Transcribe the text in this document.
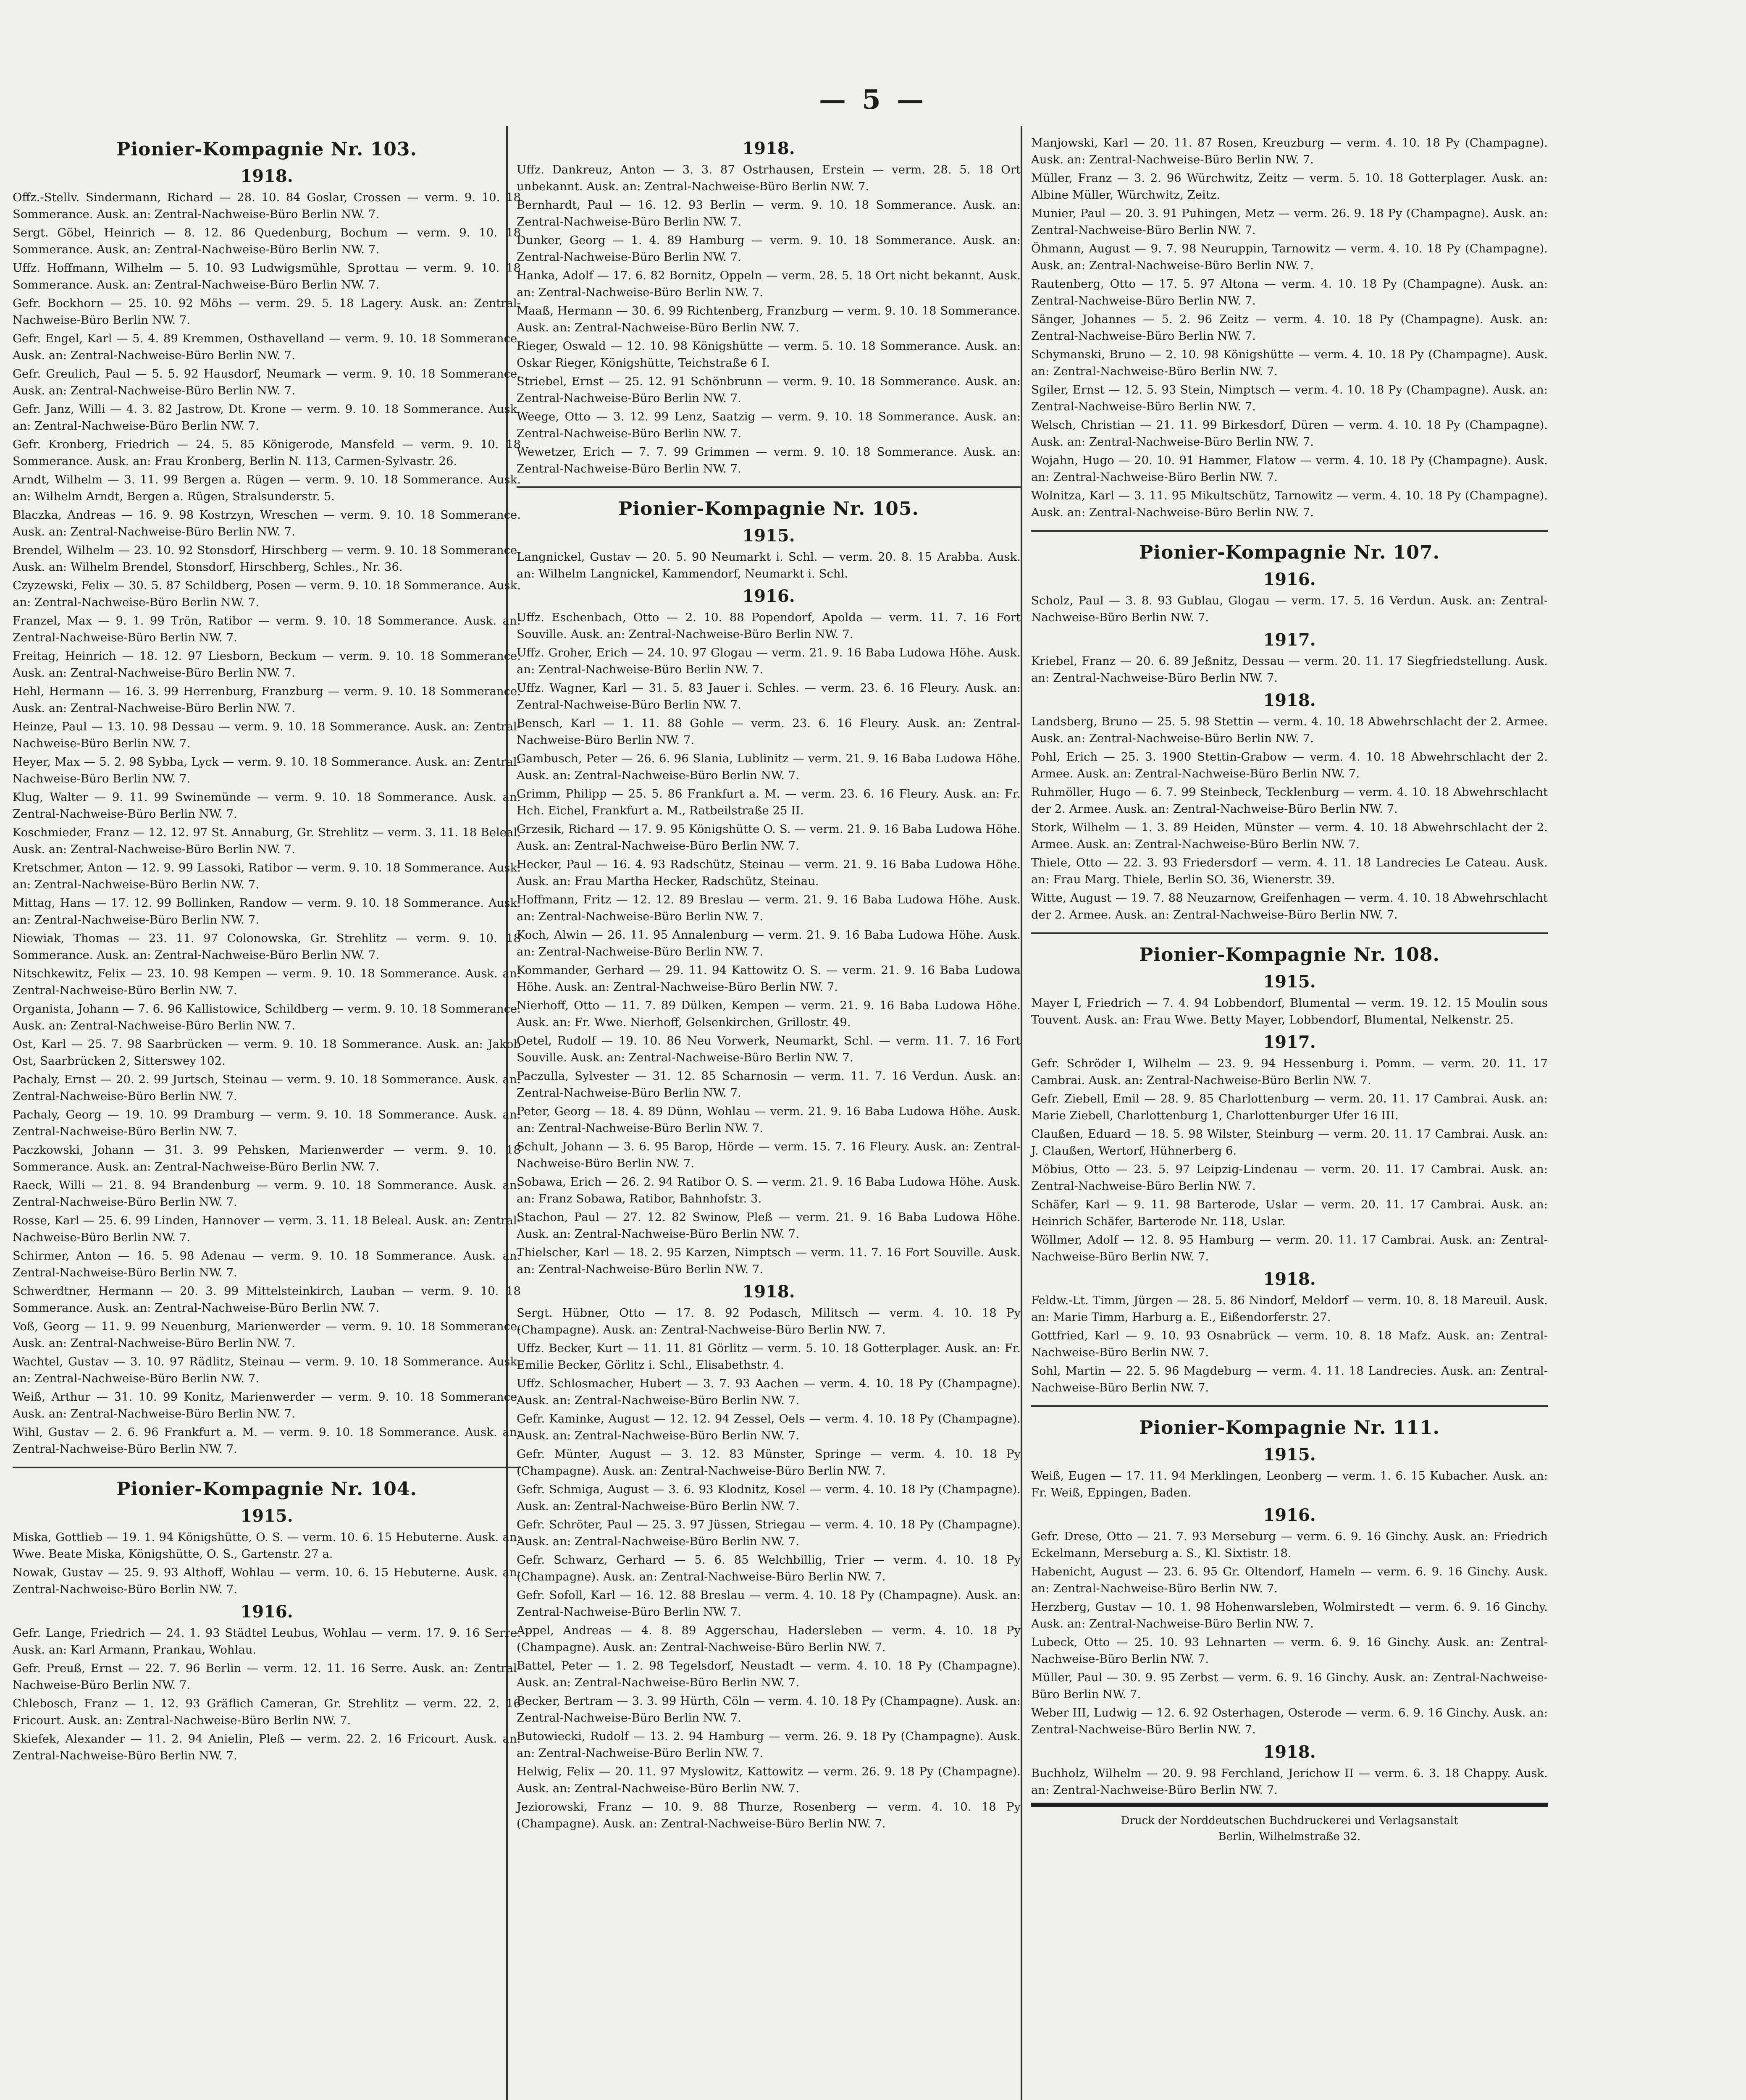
— 5 —
Pionier-Kompagnie Nr. 103.
1918.
Offz.-Stellv. Sindermann, Richard — 28. 10. 84 Goslar, Crossen — verm. 9. 10. 18 Sommerance. Ausk. an: Zentral-Nachweise-Büro Berlin NW. 7.
Sergt. Göbel, Heinrich — 8. 12. 86 Quedenburg, Bochum — verm. 9. 10. 18 Sommerance. Ausk. an: Zentral-Nachweise-Büro Berlin NW. 7.
Uffz. Hoffmann, Wilhelm — 5. 10. 93 Ludwigsmühle, Sprottau — verm. 9. 10. 18 Sommerance. Ausk. an: Zentral-Nachweise-Büro Berlin NW. 7.
Gefr. Bockhorn — 25. 10. 92 Möhs — verm. 29. 5. 18 Lagery. Ausk. an: Zentral-Nachweise-Büro Berlin NW. 7.
Gefr. Engel, Karl — 5. 4. 89 Kremmen, Osthavelland — verm. 9. 10. 18 Sommerance. Ausk. an: Zentral-Nachweise-Büro Berlin NW. 7.
Gefr. Greulich, Paul — 5. 5. 92 Hausdorf, Neumark — verm. 9. 10. 18 Sommerance. Ausk. an: Zentral-Nachweise-Büro Berlin NW. 7.
Gefr. Janz, Willi — 4. 3. 82 Jastrow, Dt. Krone — verm. 9. 10. 18 Sommerance. Ausk. an: Zentral-Nachweise-Büro Berlin NW. 7.
Gefr. Kronberg, Friedrich — 24. 5. 85 Königerode, Mansfeld — verm. 9. 10. 18 Sommerance. Ausk. an: Frau Kronberg, Berlin N. 113, Carmen-Sylvastr. 26.
Arndt, Wilhelm — 3. 11. 99 Bergen a. Rügen — verm. 9. 10. 18 Sommerance. Ausk. an: Wilhelm Arndt, Bergen a. Rügen, Stralsunderstr. 5.
Blaczka, Andreas — 16. 9. 98 Kostrzyn, Wreschen — verm. 9. 10. 18 Sommerance. Ausk. an: Zentral-Nachweise-Büro Berlin NW. 7.
Brendel, Wilhelm — 23. 10. 92 Stonsdorf, Hirschberg — verm. 9. 10. 18 Sommerance. Ausk. an: Wilhelm Brendel, Stonsdorf, Hirschberg, Schles., Nr. 36.
Czyzewski, Felix — 30. 5. 87 Schildberg, Posen — verm. 9. 10. 18 Sommerance. Ausk. an: Zentral-Nachweise-Büro Berlin NW. 7.
Franzel, Max — 9. 1. 99 Trön, Ratibor — verm. 9. 10. 18 Sommerance. Ausk. an: Zentral-Nachweise-Büro Berlin NW. 7.
Freitag, Heinrich — 18. 12. 97 Liesborn, Beckum — verm. 9. 10. 18 Sommerance. Ausk. an: Zentral-Nachweise-Büro Berlin NW. 7.
Hehl, Hermann — 16. 3. 99 Herrenburg, Franzburg — verm. 9. 10. 18 Sommerance. Ausk. an: Zentral-Nachweise-Büro Berlin NW. 7.
Heinze, Paul — 13. 10. 98 Dessau — verm. 9. 10. 18 Sommerance. Ausk. an: Zentral-Nachweise-Büro Berlin NW. 7.
Heyer, Max — 5. 2. 98 Sybba, Lyck — verm. 9. 10. 18 Sommerance. Ausk. an: Zentral-Nachweise-Büro Berlin NW. 7.
Klug, Walter — 9. 11. 99 Swinemünde — verm. 9. 10. 18 Sommerance. Ausk. an: Zentral-Nachweise-Büro Berlin NW. 7.
Koschmieder, Franz — 12. 12. 97 St. Annaburg, Gr. Strehlitz — verm. 3. 11. 18 Beleal. Ausk. an: Zentral-Nachweise-Büro Berlin NW. 7.
Kretschmer, Anton — 12. 9. 99 Lassoki, Ratibor — verm. 9. 10. 18 Sommerance. Ausk. an: Zentral-Nachweise-Büro Berlin NW. 7.
Mittag, Hans — 17. 12. 99 Bollinken, Randow — verm. 9. 10. 18 Sommerance. Ausk. an: Zentral-Nachweise-Büro Berlin NW. 7.
Niewiak, Thomas — 23. 11. 97 Colonowska, Gr. Strehlitz — verm. 9. 10. 18 Sommerance. Ausk. an: Zentral-Nachweise-Büro Berlin NW. 7.
Nitschkewitz, Felix — 23. 10. 98 Kempen — verm. 9. 10. 18 Sommerance. Ausk. an: Zentral-Nachweise-Büro Berlin NW. 7.
Organista, Johann — 7. 6. 96 Kallistowice, Schildberg — verm. 9. 10. 18 Sommerance. Ausk. an: Zentral-Nachweise-Büro Berlin NW. 7.
Ost, Karl — 25. 7. 98 Saarbrücken — verm. 9. 10. 18 Sommerance. Ausk. an: Jakob Ost, Saarbrücken 2, Sitterswey 102.
Pachaly, Ernst — 20. 2. 99 Jurtsch, Steinau — verm. 9. 10. 18 Sommerance. Ausk. an: Zentral-Nachweise-Büro Berlin NW. 7.
Pachaly, Georg — 19. 10. 99 Dramburg — verm. 9. 10. 18 Sommerance. Ausk. an: Zentral-Nachweise-Büro Berlin NW. 7.
Paczkowski, Johann — 31. 3. 99 Pehsken, Marienwerder — verm. 9. 10. 18 Sommerance. Ausk. an: Zentral-Nachweise-Büro Berlin NW. 7.
Raeck, Willi — 21. 8. 94 Brandenburg — verm. 9. 10. 18 Sommerance. Ausk. an: Zentral-Nachweise-Büro Berlin NW. 7.
Rosse, Karl — 25. 6. 99 Linden, Hannover — verm. 3. 11. 18 Beleal. Ausk. an: Zentral-Nachweise-Büro Berlin NW. 7.
Schirmer, Anton — 16. 5. 98 Adenau — verm. 9. 10. 18 Sommerance. Ausk. an: Zentral-Nachweise-Büro Berlin NW. 7.
Schwerdtner, Hermann — 20. 3. 99 Mittelsteinkirch, Lauban — verm. 9. 10. 18 Sommerance. Ausk. an: Zentral-Nachweise-Büro Berlin NW. 7.
Voß, Georg — 11. 9. 99 Neuenburg, Marienwerder — verm. 9. 10. 18 Sommerance. Ausk. an: Zentral-Nachweise-Büro Berlin NW. 7.
Wachtel, Gustav — 3. 10. 97 Rädlitz, Steinau — verm. 9. 10. 18 Sommerance. Ausk. an: Zentral-Nachweise-Büro Berlin NW. 7.
Weiß, Arthur — 31. 10. 99 Konitz, Marienwerder — verm. 9. 10. 18 Sommerance. Ausk. an: Zentral-Nachweise-Büro Berlin NW. 7.
Wihl, Gustav — 2. 6. 96 Frankfurt a. M. — verm. 9. 10. 18 Sommerance. Ausk. an: Zentral-Nachweise-Büro Berlin NW. 7.
Pionier-Kompagnie Nr. 104.
1915.
Miska, Gottlieb — 19. 1. 94 Königshütte, O. S. — verm. 10. 6. 15 Hebuterne. Ausk. an: Wwe. Beate Miska, Königshütte, O. S., Gartenstr. 27 a.
Nowak, Gustav — 25. 9. 93 Althoff, Wohlau — verm. 10. 6. 15 Hebuterne. Ausk. an: Zentral-Nachweise-Büro Berlin NW. 7.
1916.
Gefr. Lange, Friedrich — 24. 1. 93 Städtel Leubus, Wohlau — verm. 17. 9. 16 Serre. Ausk. an: Karl Armann, Prankau, Wohlau.
Gefr. Preuß, Ernst — 22. 7. 96 Berlin — verm. 12. 11. 16 Serre. Ausk. an: Zentral-Nachweise-Büro Berlin NW. 7.
Chlebosch, Franz — 1. 12. 93 Gräflich Cameran, Gr. Strehlitz — verm. 22. 2. 16 Fricourt. Ausk. an: Zentral-Nachweise-Büro Berlin NW. 7.
Skiefek, Alexander — 11. 2. 94 Anielin, Pleß — verm. 22. 2. 16 Fricourt. Ausk. an: Zentral-Nachweise-Büro Berlin NW. 7.
1918.
Uffz. Dankreuz, Anton — 3. 3. 87 Ostrhausen, Erstein — verm. 28. 5. 18 Ort unbekannt. Ausk. an: Zentral-Nachweise-Büro Berlin NW. 7.
Bernhardt, Paul — 16. 12. 93 Berlin — verm. 9. 10. 18 Sommerance. Ausk. an: Zentral-Nachweise-Büro Berlin NW. 7.
Dunker, Georg — 1. 4. 89 Hamburg — verm. 9. 10. 18 Sommerance. Ausk. an: Zentral-Nachweise-Büro Berlin NW. 7.
Hanka, Adolf — 17. 6. 82 Bornitz, Oppeln — verm. 28. 5. 18 Ort nicht bekannt. Ausk. an: Zentral-Nachweise-Büro Berlin NW. 7.
Maaß, Hermann — 30. 6. 99 Richtenberg, Franzburg — verm. 9. 10. 18 Sommerance. Ausk. an: Zentral-Nachweise-Büro Berlin NW. 7.
Rieger, Oswald — 12. 10. 98 Königshütte — verm. 5. 10. 18 Sommerance. Ausk. an: Oskar Rieger, Königshütte, Teichstraße 6 I.
Striebel, Ernst — 25. 12. 91 Schönbrunn — verm. 9. 10. 18 Sommerance. Ausk. an: Zentral-Nachweise-Büro Berlin NW. 7.
Weege, Otto — 3. 12. 99 Lenz, Saatzig — verm. 9. 10. 18 Sommerance. Ausk. an: Zentral-Nachweise-Büro Berlin NW. 7.
Wewetzer, Erich — 7. 7. 99 Grimmen — verm. 9. 10. 18 Sommerance. Ausk. an: Zentral-Nachweise-Büro Berlin NW. 7.
Pionier-Kompagnie Nr. 105.
1915.
Langnickel, Gustav — 20. 5. 90 Neumarkt i. Schl. — verm. 20. 8. 15 Arabba. Ausk. an: Wilhelm Langnickel, Kammendorf, Neumarkt i. Schl.
1916.
Uffz. Eschenbach, Otto — 2. 10. 88 Popendorf, Apolda — verm. 11. 7. 16 Fort Souville. Ausk. an: Zentral-Nachweise-Büro Berlin NW. 7.
Uffz. Groher, Erich — 24. 10. 97 Glogau — verm. 21. 9. 16 Baba Ludowa Höhe. Ausk. an: Zentral-Nachweise-Büro Berlin NW. 7.
Uffz. Wagner, Karl — 31. 5. 83 Jauer i. Schles. — verm. 23. 6. 16 Fleury. Ausk. an: Zentral-Nachweise-Büro Berlin NW. 7.
Bensch, Karl — 1. 11. 88 Gohle — verm. 23. 6. 16 Fleury. Ausk. an: Zentral-Nachweise-Büro Berlin NW. 7.
Gambusch, Peter — 26. 6. 96 Slania, Lublinitz — verm. 21. 9. 16 Baba Ludowa Höhe. Ausk. an: Zentral-Nachweise-Büro Berlin NW. 7.
Grimm, Philipp — 25. 5. 86 Frankfurt a. M. — verm. 23. 6. 16 Fleury. Ausk. an: Fr. Hch. Eichel, Frankfurt a. M., Ratbeilstraße 25 II.
Grzesik, Richard — 17. 9. 95 Königshütte O. S. — verm. 21. 9. 16 Baba Ludowa Höhe. Ausk. an: Zentral-Nachweise-Büro Berlin NW. 7.
Hecker, Paul — 16. 4. 93 Radschütz, Steinau — verm. 21. 9. 16 Baba Ludowa Höhe. Ausk. an: Frau Martha Hecker, Radschütz, Steinau.
Hoffmann, Fritz — 12. 12. 89 Breslau — verm. 21. 9. 16 Baba Ludowa Höhe. Ausk. an: Zentral-Nachweise-Büro Berlin NW. 7.
Koch, Alwin — 26. 11. 95 Annalenburg — verm. 21. 9. 16 Baba Ludowa Höhe. Ausk. an: Zentral-Nachweise-Büro Berlin NW. 7.
Kommander, Gerhard — 29. 11. 94 Kattowitz O. S. — verm. 21. 9. 16 Baba Ludowa Höhe. Ausk. an: Zentral-Nachweise-Büro Berlin NW. 7.
Nierhoff, Otto — 11. 7. 89 Dülken, Kempen — verm. 21. 9. 16 Baba Ludowa Höhe. Ausk. an: Fr. Wwe. Nierhoff, Gelsenkirchen, Grillostr. 49.
Oetel, Rudolf — 19. 10. 86 Neu Vorwerk, Neumarkt, Schl. — verm. 11. 7. 16 Fort Souville. Ausk. an: Zentral-Nachweise-Büro Berlin NW. 7.
Paczulla, Sylvester — 31. 12. 85 Scharnosin — verm. 11. 7. 16 Verdun. Ausk. an: Zentral-Nachweise-Büro Berlin NW. 7.
Peter, Georg — 18. 4. 89 Dünn, Wohlau — verm. 21. 9. 16 Baba Ludowa Höhe. Ausk. an: Zentral-Nachweise-Büro Berlin NW. 7.
Schult, Johann — 3. 6. 95 Barop, Hörde — verm. 15. 7. 16 Fleury. Ausk. an: Zentral-Nachweise-Büro Berlin NW. 7.
Sobawa, Erich — 26. 2. 94 Ratibor O. S. — verm. 21. 9. 16 Baba Ludowa Höhe. Ausk. an: Franz Sobawa, Ratibor, Bahnhofstr. 3.
Stachon, Paul — 27. 12. 82 Swinow, Pleß — verm. 21. 9. 16 Baba Ludowa Höhe. Ausk. an: Zentral-Nachweise-Büro Berlin NW. 7.
Thielscher, Karl — 18. 2. 95 Karzen, Nimptsch — verm. 11. 7. 16 Fort Souville. Ausk. an: Zentral-Nachweise-Büro Berlin NW. 7.
1918.
Sergt. Hübner, Otto — 17. 8. 92 Podasch, Militsch — verm. 4. 10. 18 Py (Champagne). Ausk. an: Zentral-Nachweise-Büro Berlin NW. 7.
Uffz. Becker, Kurt — 11. 11. 81 Görlitz — verm. 5. 10. 18 Gotterplager. Ausk. an: Fr. Emilie Becker, Görlitz i. Schl., Elisabethstr. 4.
Uffz. Schlosmacher, Hubert — 3. 7. 93 Aachen — verm. 4. 10. 18 Py (Champagne). Ausk. an: Zentral-Nachweise-Büro Berlin NW. 7.
Gefr. Kaminke, August — 12. 12. 94 Zessel, Oels — verm. 4. 10. 18 Py (Champagne). Ausk. an: Zentral-Nachweise-Büro Berlin NW. 7.
Gefr. Münter, August — 3. 12. 83 Münster, Springe — verm. 4. 10. 18 Py (Champagne). Ausk. an: Zentral-Nachweise-Büro Berlin NW. 7.
Gefr. Schmiga, August — 3. 6. 93 Klodnitz, Kosel — verm. 4. 10. 18 Py (Champagne). Ausk. an: Zentral-Nachweise-Büro Berlin NW. 7.
Gefr. Schröter, Paul — 25. 3. 97 Jüssen, Striegau — verm. 4. 10. 18 Py (Champagne). Ausk. an: Zentral-Nachweise-Büro Berlin NW. 7.
Gefr. Schwarz, Gerhard — 5. 6. 85 Welchbillig, Trier — verm. 4. 10. 18 Py (Champagne). Ausk. an: Zentral-Nachweise-Büro Berlin NW. 7.
Gefr. Sofoll, Karl — 16. 12. 88 Breslau — verm. 4. 10. 18 Py (Champagne). Ausk. an: Zentral-Nachweise-Büro Berlin NW. 7.
Appel, Andreas — 4. 8. 89 Aggerschau, Hadersleben — verm. 4. 10. 18 Py (Champagne). Ausk. an: Zentral-Nachweise-Büro Berlin NW. 7.
Battel, Peter — 1. 2. 98 Tegelsdorf, Neustadt — verm. 4. 10. 18 Py (Champagne). Ausk. an: Zentral-Nachweise-Büro Berlin NW. 7.
Becker, Bertram — 3. 3. 99 Hürth, Cöln — verm. 4. 10. 18 Py (Champagne). Ausk. an: Zentral-Nachweise-Büro Berlin NW. 7.
Butowiecki, Rudolf — 13. 2. 94 Hamburg — verm. 26. 9. 18 Py (Champagne). Ausk. an: Zentral-Nachweise-Büro Berlin NW. 7.
Helwig, Felix — 20. 11. 97 Myslowitz, Kattowitz — verm. 26. 9. 18 Py (Champagne). Ausk. an: Zentral-Nachweise-Büro Berlin NW. 7.
Jeziorowski, Franz — 10. 9. 88 Thurze, Rosenberg — verm. 4. 10. 18 Py (Champagne). Ausk. an: Zentral-Nachweise-Büro Berlin NW. 7.
Manjowski, Karl — 20. 11. 87 Rosen, Kreuzburg — verm. 4. 10. 18 Py (Champagne). Ausk. an: Zentral-Nachweise-Büro Berlin NW. 7.
Müller, Franz — 3. 2. 96 Würchwitz, Zeitz — verm. 5. 10. 18 Gotterplager. Ausk. an: Albine Müller, Würchwitz, Zeitz.
Munier, Paul — 20. 3. 91 Puhingen, Metz — verm. 26. 9. 18 Py (Champagne). Ausk. an: Zentral-Nachweise-Büro Berlin NW. 7.
Öhmann, August — 9. 7. 98 Neuruppin, Tarnowitz — verm. 4. 10. 18 Py (Champagne). Ausk. an: Zentral-Nachweise-Büro Berlin NW. 7.
Rautenberg, Otto — 17. 5. 97 Altona — verm. 4. 10. 18 Py (Champagne). Ausk. an: Zentral-Nachweise-Büro Berlin NW. 7.
Sänger, Johannes — 5. 2. 96 Zeitz — verm. 4. 10. 18 Py (Champagne). Ausk. an: Zentral-Nachweise-Büro Berlin NW. 7.
Schymanski, Bruno — 2. 10. 98 Königshütte — verm. 4. 10. 18 Py (Champagne). Ausk. an: Zentral-Nachweise-Büro Berlin NW. 7.
Sgiler, Ernst — 12. 5. 93 Stein, Nimptsch — verm. 4. 10. 18 Py (Champagne). Ausk. an: Zentral-Nachweise-Büro Berlin NW. 7.
Welsch, Christian — 21. 11. 99 Birkesdorf, Düren — verm. 4. 10. 18 Py (Champagne). Ausk. an: Zentral-Nachweise-Büro Berlin NW. 7.
Wojahn, Hugo — 20. 10. 91 Hammer, Flatow — verm. 4. 10. 18 Py (Champagne). Ausk. an: Zentral-Nachweise-Büro Berlin NW. 7.
Wolnitza, Karl — 3. 11. 95 Mikultschütz, Tarnowitz — verm. 4. 10. 18 Py (Champagne). Ausk. an: Zentral-Nachweise-Büro Berlin NW. 7.
Pionier-Kompagnie Nr. 107.
1916.
Scholz, Paul — 3. 8. 93 Gublau, Glogau — verm. 17. 5. 16 Verdun. Ausk. an: Zentral-Nachweise-Büro Berlin NW. 7.
1917.
Kriebel, Franz — 20. 6. 89 Jeßnitz, Dessau — verm. 20. 11. 17 Siegfriedstellung. Ausk. an: Zentral-Nachweise-Büro Berlin NW. 7.
1918.
Landsberg, Bruno — 25. 5. 98 Stettin — verm. 4. 10. 18 Abwehrschlacht der 2. Armee. Ausk. an: Zentral-Nachweise-Büro Berlin NW. 7.
Pohl, Erich — 25. 3. 1900 Stettin-Grabow — verm. 4. 10. 18 Abwehrschlacht der 2. Armee. Ausk. an: Zentral-Nachweise-Büro Berlin NW. 7.
Ruhmöller, Hugo — 6. 7. 99 Steinbeck, Tecklenburg — verm. 4. 10. 18 Abwehrschlacht der 2. Armee. Ausk. an: Zentral-Nachweise-Büro Berlin NW. 7.
Stork, Wilhelm — 1. 3. 89 Heiden, Münster — verm. 4. 10. 18 Abwehrschlacht der 2. Armee. Ausk. an: Zentral-Nachweise-Büro Berlin NW. 7.
Thiele, Otto — 22. 3. 93 Friedersdorf — verm. 4. 11. 18 Landrecies Le Cateau. Ausk. an: Frau Marg. Thiele, Berlin SO. 36, Wienerstr. 39.
Witte, August — 19. 7. 88 Neuzarnow, Greifenhagen — verm. 4. 10. 18 Abwehrschlacht der 2. Armee. Ausk. an: Zentral-Nachweise-Büro Berlin NW. 7.
Pionier-Kompagnie Nr. 108.
1915.
Mayer I, Friedrich — 7. 4. 94 Lobbendorf, Blumental — verm. 19. 12. 15 Moulin sous Touvent. Ausk. an: Frau Wwe. Betty Mayer, Lobbendorf, Blumental, Nelkenstr. 25.
1917.
Gefr. Schröder I, Wilhelm — 23. 9. 94 Hessenburg i. Pomm. — verm. 20. 11. 17 Cambrai. Ausk. an: Zentral-Nachweise-Büro Berlin NW. 7.
Gefr. Ziebell, Emil — 28. 9. 85 Charlottenburg — verm. 20. 11. 17 Cambrai. Ausk. an: Marie Ziebell, Charlottenburg 1, Charlottenburger Ufer 16 III.
Claußen, Eduard — 18. 5. 98 Wilster, Steinburg — verm. 20. 11. 17 Cambrai. Ausk. an: J. Claußen, Wertorf, Hühnerberg 6.
Möbius, Otto — 23. 5. 97 Leipzig-Lindenau — verm. 20. 11. 17 Cambrai. Ausk. an: Zentral-Nachweise-Büro Berlin NW. 7.
Schäfer, Karl — 9. 11. 98 Barterode, Uslar — verm. 20. 11. 17 Cambrai. Ausk. an: Heinrich Schäfer, Barterode Nr. 118, Uslar.
Wöllmer, Adolf — 12. 8. 95 Hamburg — verm. 20. 11. 17 Cambrai. Ausk. an: Zentral-Nachweise-Büro Berlin NW. 7.
1918.
Feldw.-Lt. Timm, Jürgen — 28. 5. 86 Nindorf, Meldorf — verm. 10. 8. 18 Mareuil. Ausk. an: Marie Timm, Harburg a. E., Eißendorferstr. 27.
Gottfried, Karl — 9. 10. 93 Osnabrück — verm. 10. 8. 18 Mafz. Ausk. an: Zentral-Nachweise-Büro Berlin NW. 7.
Sohl, Martin — 22. 5. 96 Magdeburg — verm. 4. 11. 18 Landrecies. Ausk. an: Zentral-Nachweise-Büro Berlin NW. 7.
Pionier-Kompagnie Nr. 111.
1915.
Weiß, Eugen — 17. 11. 94 Merklingen, Leonberg — verm. 1. 6. 15 Kubacher. Ausk. an: Fr. Weiß, Eppingen, Baden.
1916.
Gefr. Drese, Otto — 21. 7. 93 Merseburg — verm. 6. 9. 16 Ginchy. Ausk. an: Friedrich Eckelmann, Merseburg a. S., Kl. Sixtistr. 18.
Habenicht, August — 23. 6. 95 Gr. Oltendorf, Hameln — verm. 6. 9. 16 Ginchy. Ausk. an: Zentral-Nachweise-Büro Berlin NW. 7.
Herzberg, Gustav — 10. 1. 98 Hohenwarsleben, Wolmirstedt — verm. 6. 9. 16 Ginchy. Ausk. an: Zentral-Nachweise-Büro Berlin NW. 7.
Lubeck, Otto — 25. 10. 93 Lehnarten — verm. 6. 9. 16 Ginchy. Ausk. an: Zentral-Nachweise-Büro Berlin NW. 7.
Müller, Paul — 30. 9. 95 Zerbst — verm. 6. 9. 16 Ginchy. Ausk. an: Zentral-Nachweise-Büro Berlin NW. 7.
Weber III, Ludwig — 12. 6. 92 Osterhagen, Osterode — verm. 6. 9. 16 Ginchy. Ausk. an: Zentral-Nachweise-Büro Berlin NW. 7.
1918.
Buchholz, Wilhelm — 20. 9. 98 Ferchland, Jerichow II — verm. 6. 3. 18 Chappy. Ausk. an: Zentral-Nachweise-Büro Berlin NW. 7.
Druck der Norddeutschen Buchdruckerei und Verlagsanstalt
Berlin, Wilhelmstraße 32.
